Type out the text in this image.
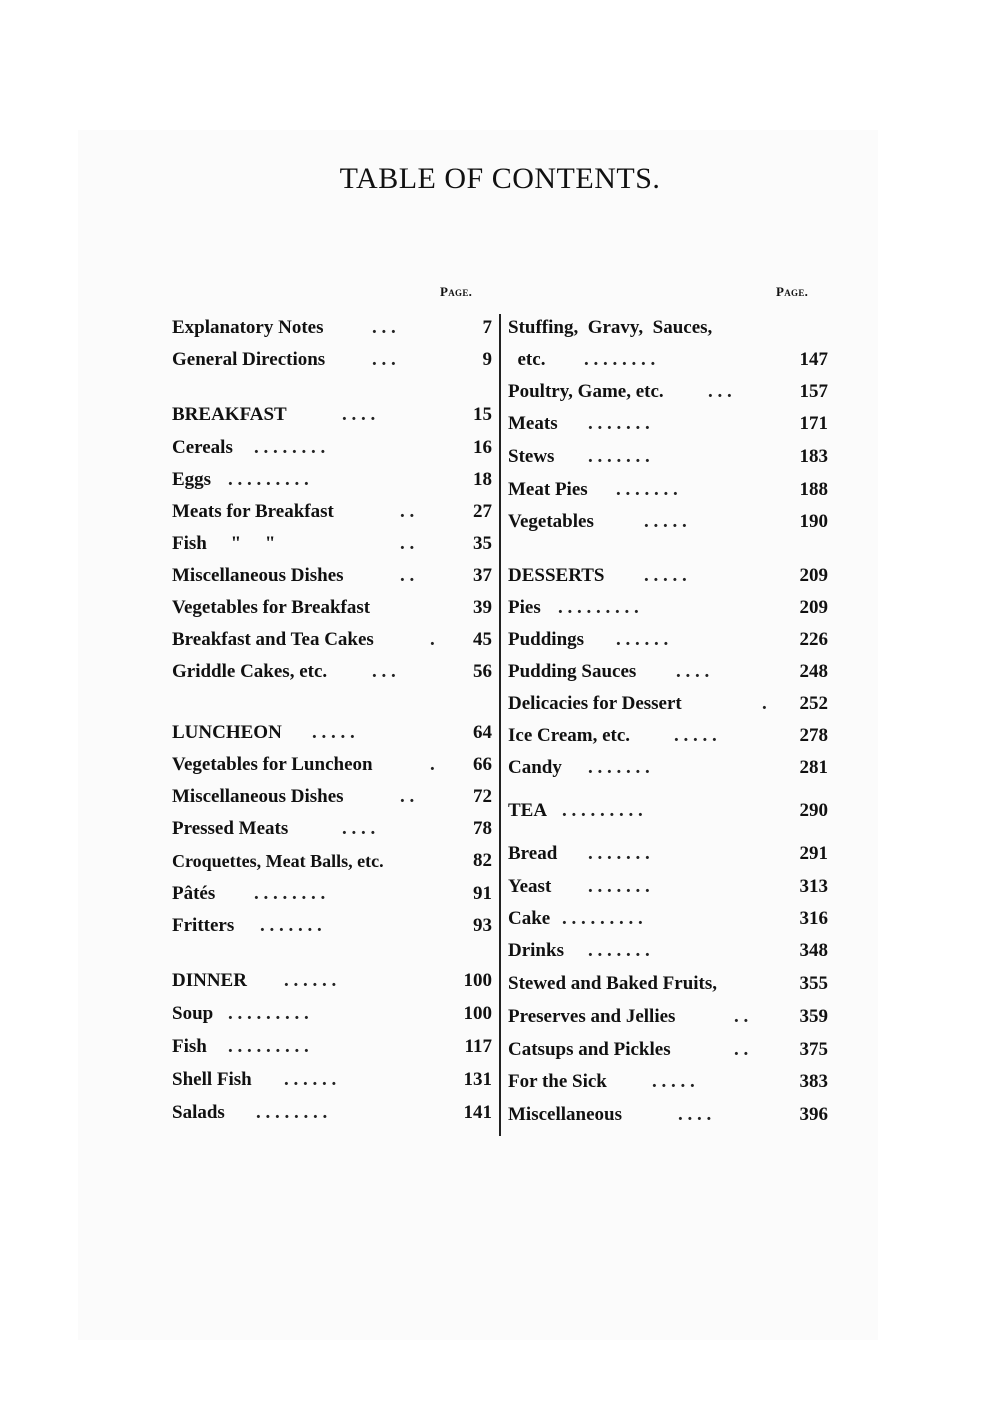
TABLE OF CONTENTS.
Page.	Page.
Explanatory Notes	. . .	7
General Directions . . .	9
BREAKFAST	. . . .	15
Cereals . . . . . . . .	16
Eggs . . . . . . . . .	18
Meats for Breakfast	. .	27
Fish     "     "	. .	35
Miscellaneous Dishes	. .	37
Vegetables for Breakfast	39
Breakfast and Tea Cakes	. 45
Griddle Cakes, etc. . . .	56
LUNCHEON . . . . .	64
Vegetables for Luncheon	. 66
Miscellaneous Dishes	. .	72
Pressed Meats	. . . .	78
Croquettes, Meat Balls, etc.	82
Pâtés . . . . . . . .	91
Fritters . . . . . . .	93
DINNER . . . . . .	100
Soup . . . . . . . . .	100
Fish . . . . . . . . .	117
Shell Fish . . . . . .	131
Salads . . . . . . . .	141
Stuffing,  Gravy,  Sauces,
etc. . . . . . . . .	147
Poultry, Game, etc. . . .	157
Meats . . . . . . .	171
Stews . . . . . . .	183
Meat Pies . . . . . . .	188
Vegetables	. . . . .	190
DESSERTS . . . . .	209
Pies . . . . . . . . .	209
Puddings . . . . . .	226
Pudding Sauces . . . .	248
Delicacies for Dessert	. 252
Ice Cream, etc. . . . . .	278
Candy . . . . . . .	281
TEA . . . . . . . . .	290
Bread . . . . . . .	291
Yeast . . . . . . .	313
Cake . . . . . . . . .	316
Drinks . . . . . . .	348
Stewed and Baked Fruits,	355
Preserves and Jellies	. .	359
Catsups and Pickles	. .	375
For the Sick . . . . .	383
Miscellaneous	. . . .	396
